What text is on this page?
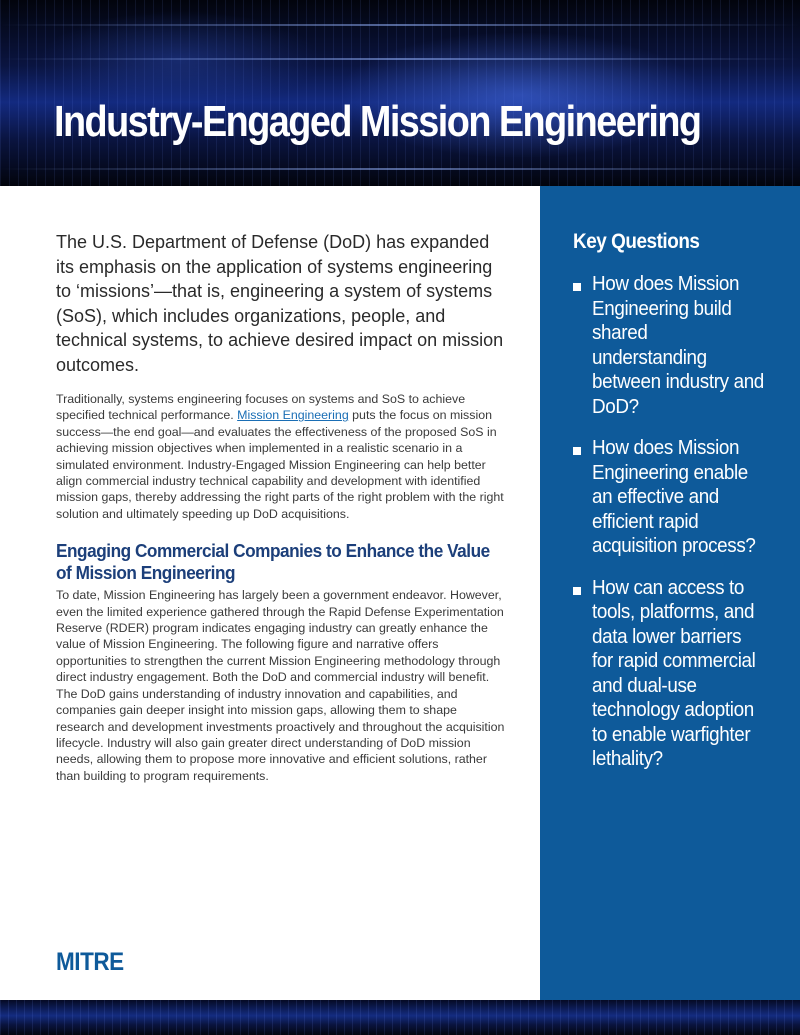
Industry-Engaged Mission Engineering

The U.S. Department of Defense (DoD) has expanded its emphasis on the application of systems engineering to ‘missions’—that is, engineering a system of systems (SoS), which includes organizations, people, and technical systems, to achieve desired impact on mission outcomes.

Traditionally, systems engineering focuses on systems and SoS to achieve specified technical performance. Mission Engineering puts the focus on mission success—the end goal—and evaluates the effectiveness of the proposed SoS in achieving mission objectives when implemented in a realistic scenario in a simulated environment. Industry-Engaged Mission Engineering can help better align commercial industry technical capability and development with identified mission gaps, thereby addressing the right parts of the right problem with the right solution and ultimately speeding up DoD acquisitions.

Engaging Commercial Companies to Enhance the Value of Mission Engineering

To date, Mission Engineering has largely been a government endeavor. However, even the limited experience gathered through the Rapid Defense Experimentation Reserve (RDER) program indicates engaging industry can greatly enhance the value of Mission Engineering. The following figure and narrative offers opportunities to strengthen the current Mission Engineering methodology through direct industry engagement. Both the DoD and commercial industry will benefit. The DoD gains understanding of industry innovation and capabilities, and companies gain deeper insight into mission gaps, allowing them to shape research and development investments proactively and throughout the acquisition lifecycle. Industry will also gain greater direct understanding of DoD mission needs, allowing them to propose more innovative and efficient solutions, rather than building to program requirements.

Key Questions
How does Mission Engineering build shared understanding between industry and DoD?
How does Mission Engineering enable an effective and efficient rapid acquisition process?
How can access to tools, platforms, and data lower barriers for rapid commercial and dual-use technology adoption to enable warfighter lethality?
MITRE
